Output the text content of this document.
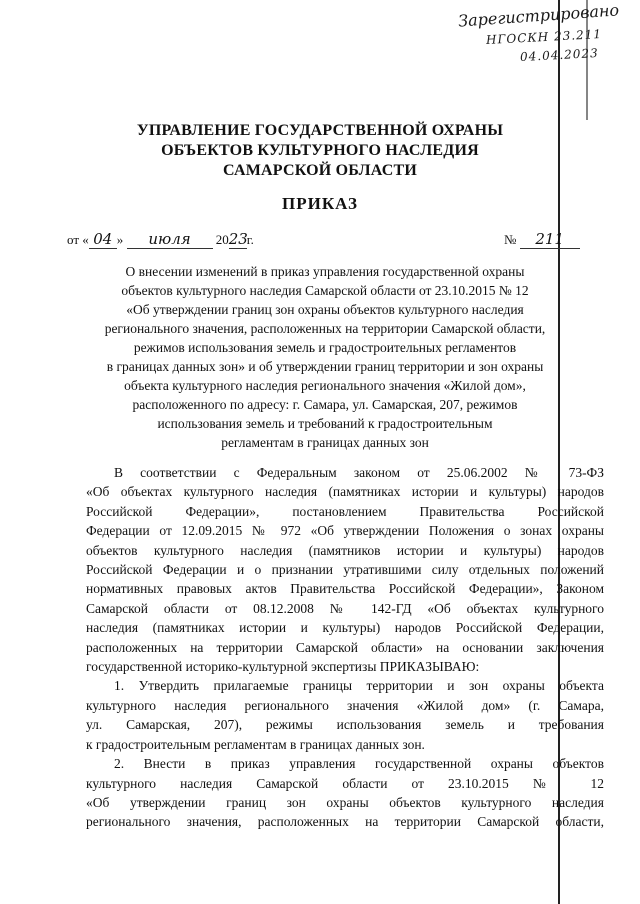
Зарегистрировано
НГОСКН 23.211
04.04.2023
УПРАВЛЕНИЕ ГОСУДАРСТВЕННОЙ ОХРАНЫ
ОБЪЕКТОВ КУЛЬТУРНОГО НАСЛЕДИЯ
САМАРСКОЙ ОБЛАСТИ
ПРИКАЗ
от « 04 » июля 2023г.	№ 211
О внесении изменений в приказ управления государственной охраны
объектов культурного наследия Самарской области от 23.10.2015 № 12
«Об утверждении границ зон охраны объектов культурного наследия
регионального значения, расположенных на территории Самарской области,
режимов использования земель и градостроительных регламентов
в границах данных зон» и об утверждении границ территории и зон охраны
объекта культурного наследия регионального значения «Жилой дом»,
расположенного по адресу: г. Самара, ул. Самарская, 207, режимов
использования земель и требований к градостроительным
регламентам в границах данных зон
В соответствии с Федеральным законом от 25.06.2002 № 73-ФЗ
«Об объектах культурного наследия (памятниках истории и культуры) народов
Российской Федерации», постановлением Правительства Российской
Федерации от 12.09.2015 № 972 «Об утверждении Положения о зонах охраны
объектов культурного наследия (памятников истории и культуры) народов
Российской Федерации и о признании утратившими силу отдельных положений
нормативных правовых актов Правительства Российской Федерации», Законом
Самарской области от 08.12.2008 № 142-ГД «Об объектах культурного
наследия (памятниках истории и культуры) народов Российской Федерации,
расположенных на территории Самарской области» на основании заключения
государственной историко-культурной экспертизы ПРИКАЗЫВАЮ:
1. Утвердить прилагаемые границы территории и зон охраны объекта
культурного наследия регионального значения «Жилой дом» (г. Самара,
ул. Самарская, 207), режимы использования земель и требования
к градостроительным регламентам в границах данных зон.
2. Внести в приказ управления государственной охраны объектов
культурного наследия Самарской области от 23.10.2015 № 12
«Об утверждении границ зон охраны объектов культурного наследия
регионального значения, расположенных на территории Самарской области,
